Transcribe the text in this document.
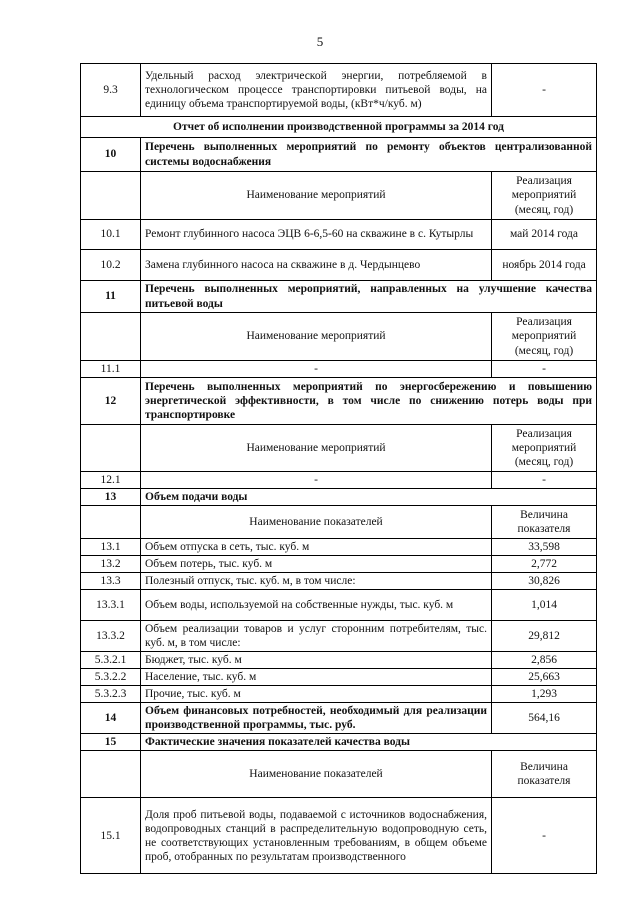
5
9.3	Удельный расход электрической энергии, потребляемой в технологическом процессе транспортировки питьевой воды, на единицу объема транспортируемой воды, (кВт*ч/куб. м)	-
Отчет об исполнении производственной программы за 2014 год		
10	Перечень выполненных мероприятий по ремонту объектов централизованной системы водоснабжения	
	Наименование мероприятий	Реализация
мероприятий
(месяц, год)
10.1	Ремонт глубинного насоса ЭЦВ 6-6,5-60 на скважине в с. Кутырлы	май 2014 года
10.2	Замена глубинного насоса на скважине в д. Чердынцево	ноябрь 2014 года
11	Перечень выполненных мероприятий, направленных на улучшение качества питьевой воды	
	Наименование мероприятий	Реализация
мероприятий
(месяц, год)
11.1	-	-
12	Перечень выполненных мероприятий по энергосбережению и повышению энергетической эффективности, в том числе по снижению потерь воды при транспортировке	
	Наименование мероприятий	Реализация
мероприятий
(месяц, год)
12.1	-	-
13	Объем подачи воды	
	Наименование показателей	Величина
показателя
13.1	Объем отпуска в сеть, тыс. куб. м	33,598
13.2	Объем потерь, тыс. куб. м	2,772
13.3	Полезный отпуск, тыс. куб. м, в том числе:	30,826
13.3.1	Объем воды, используемой на собственные нужды, тыс. куб. м	1,014
13.3.2	Объем реализации товаров и услуг сторонним потребителям, тыс. куб. м, в том числе:	29,812
5.3.2.1	Бюджет, тыс. куб. м	2,856
5.3.2.2	Население, тыс. куб. м	25,663
5.3.2.3	Прочие, тыс. куб. м	1,293
14	Объем финансовых потребностей, необходимый для реализации производственной программы, тыс. руб.	564,16
15	Фактические значения показателей качества воды	
	Наименование показателей	Величина
показателя
15.1	Доля проб питьевой воды, подаваемой с источников водоснабжения, водопроводных станций в распределительную водопроводную сеть, не соответствующих установленным требованиям, в общем объеме проб, отобранных по результатам производственного	-
